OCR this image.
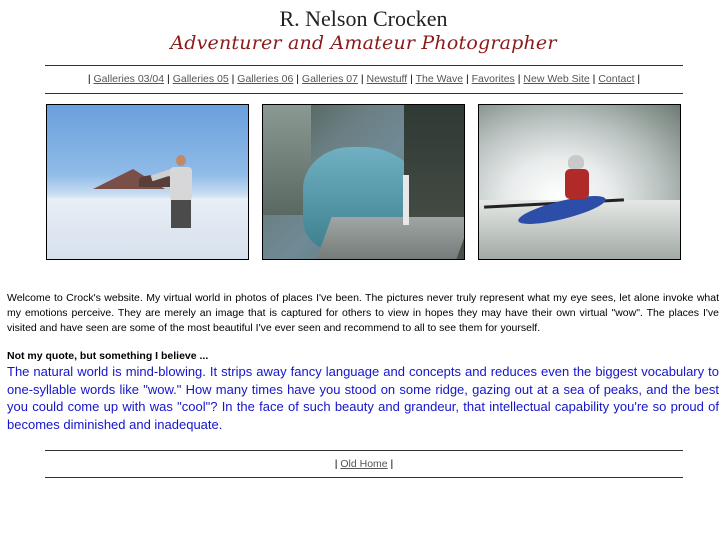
R. Nelson Crocken
Adventurer and Amateur Photographer
| Galleries 03/04 | Galleries 05 | Galleries 06 | Galleries 07 | Newstuff | The Wave | Favorites | New Web Site | Contact |

Welcome to Crock's website. My virtual world in photos of places I've been. The pictures never truly represent what my eye sees, let alone invoke what my emotions perceive. They are merely an image that is captured for others to view in hopes they may have their own virtual "wow". The places I've visited and have seen are some of the most beautiful I've ever seen and recommend to all to see them for yourself.

Not my quote, but something I believe ...

The natural world is mind-blowing. It strips away fancy language and concepts and reduces even the biggest vocabulary to one-syllable words like "wow." How many times have you stood on some ridge, gazing out at a sea of peaks, and the best you could come up with was "cool"? In the face of such beauty and grandeur, that intellectual capability you're so proud of becomes diminished and inadequate.

| Old Home |
